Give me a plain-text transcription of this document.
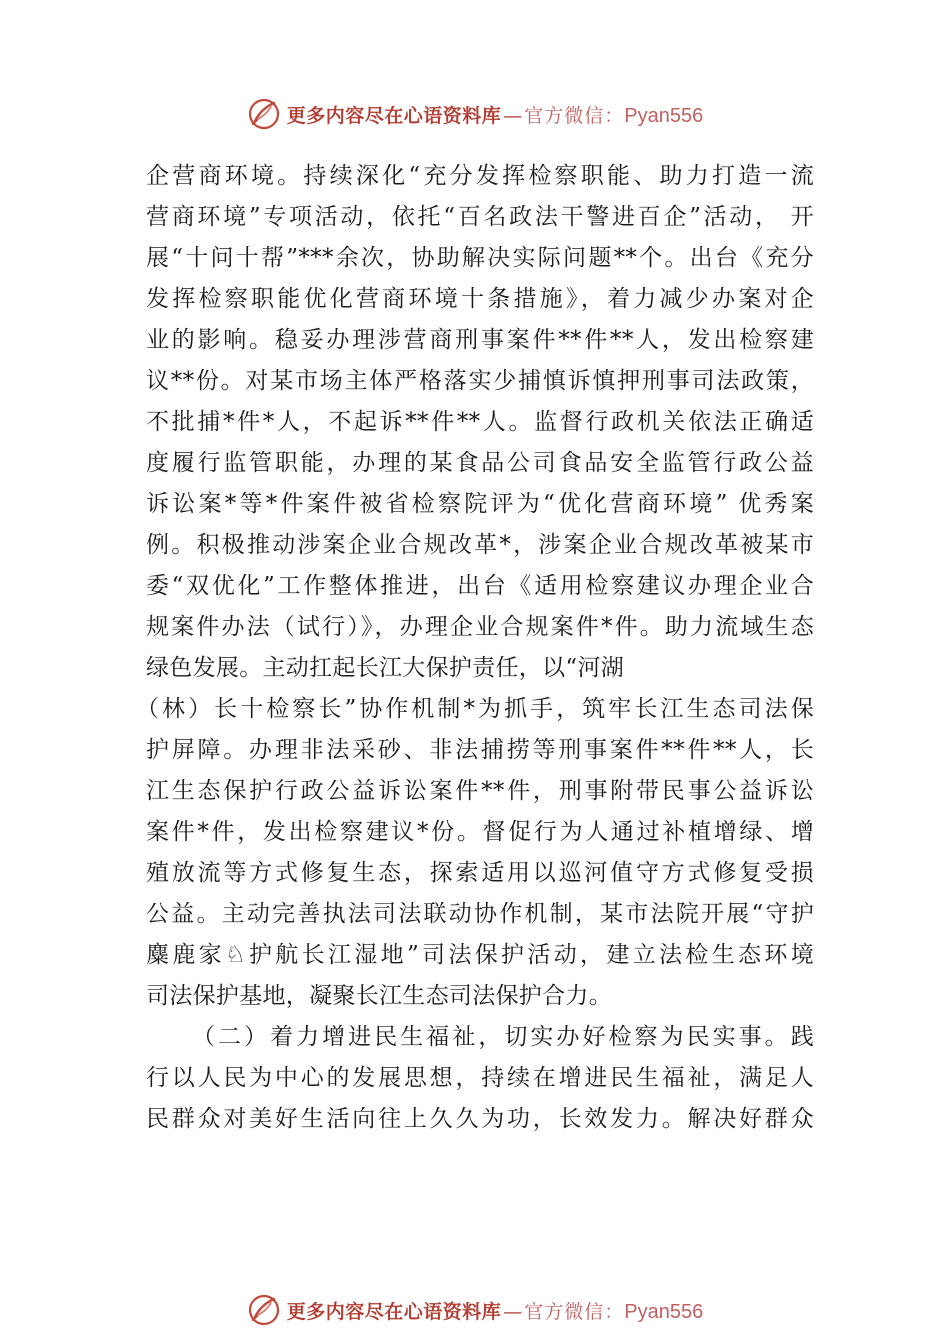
更多内容尽在心语资料库 — 官方微信： Pyan556
企营商环境。持续深化“充分发挥检察职能、助力打造一流
营商环境”专项活动，依托“百名政法干警进百企”活动， 开
展“十问十帮”***余次，协助解决实际问题**个。出台《充分
发挥检察职能优化营商环境十条措施》，着力减少办案对企
业的影响。稳妥办理涉营商刑事案件**件**人，发出检察建
议**份。对某市场主体严格落实少捕慎诉慎押刑事司法政策，
不批捕*件*人，不起诉**件**人。监督行政机关依法正确适
度履行监管职能，办理的某食品公司食品安全监管行政公益
诉讼案*等*件案件被省检察院评为“优化营商环境” 优秀案
例。积极推动涉案企业合规改革*，涉案企业合规改革被某市
委“双优化”工作整体推进，出台《适用检察建议办理企业合
规案件办法（试行）》，办理企业合规案件*件。助力流域生态
绿色发展。主动扛起长江大保护责任，以“河湖
（林）长十检察长”协作机制*为抓手，筑牢长江生态司法保
护屏障。办理非法采砂、非法捕捞等刑事案件**件**人，长
江生态保护行政公益诉讼案件**件，刑事附带民事公益诉讼
案件*件，发出检察建议*份。督促行为人通过补植增绿、增
殖放流等方式修复生态，探索适用以巡河值守方式修复受损
公益。主动完善执法司法联动协作机制，某市法院开展“守护
麋鹿家♘护航长江湿地”司法保护活动，建立法检生态环境
司法保护基地，凝聚长江生态司法保护合力。
（二）着力增进民生福祉，切实办好检察为民实事。践
行以人民为中心的发展思想，持续在增进民生福祉，满足人
民群众对美好生活向往上久久为功，长效发力。解决好群众
更多内容尽在心语资料库 — 官方微信： Pyan556
